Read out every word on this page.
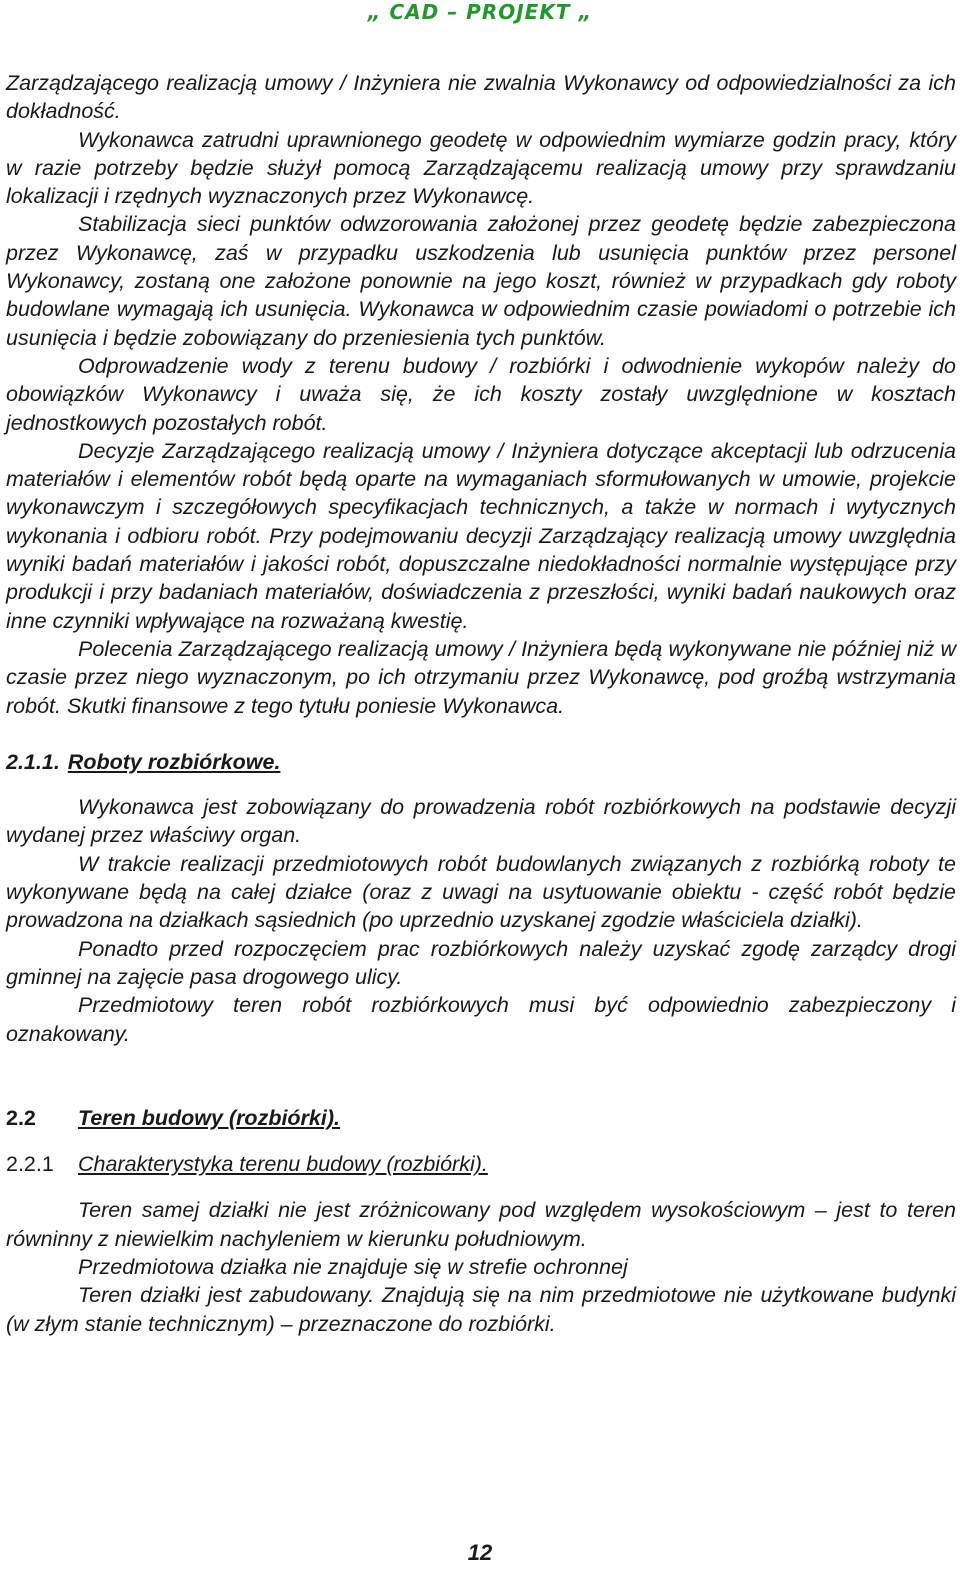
„ CAD – PROJEKT „

Zarządzającego realizacją umowy / Inżyniera nie zwalnia Wykonawcy od odpowiedzialności za ich dokładność.

Wykonawca zatrudni uprawnionego geodetę w odpowiednim wymiarze godzin pracy, który w razie potrzeby będzie służył pomocą Zarządzającemu realizacją umowy przy sprawdzaniu lokalizacji i rzędnych wyznaczonych przez Wykonawcę.

Stabilizacja sieci punktów odwzorowania założonej przez geodetę będzie zabezpieczona przez Wykonawcę, zaś w przypadku uszkodzenia lub usunięcia punktów przez personel Wykonawcy, zostaną one założone ponownie na jego koszt, również w przypadkach gdy roboty budowlane wymagają ich usunięcia. Wykonawca w odpowiednim czasie powiadomi o potrzebie ich usunięcia i będzie zobowiązany do przeniesienia tych punktów.

Odprowadzenie wody z terenu budowy / rozbiórki i odwodnienie wykopów należy do obowiązków Wykonawcy i uważa się, że ich koszty zostały uwzględnione w kosztach jednostkowych pozostałych robót.

Decyzje Zarządzającego realizacją umowy / Inżyniera dotyczące akceptacji lub odrzucenia materiałów i elementów robót będą oparte na wymaganiach sformułowanych w umowie, projekcie wykonawczym i szczegółowych specyfikacjach technicznych, a także w normach i wytycznych wykonania i odbioru robót. Przy podejmowaniu decyzji Zarządzający realizacją umowy uwzględnia wyniki badań materiałów i jakości robót, dopuszczalne niedokładności normalnie występujące przy produkcji i przy badaniach materiałów, doświadczenia z przeszłości, wyniki badań naukowych oraz inne czynniki wpływające na rozważaną kwestię.

Polecenia Zarządzającego realizacją umowy / Inżyniera będą wykonywane nie później niż w czasie przez niego wyznaczonym, po ich otrzymaniu przez Wykonawcę, pod groźbą wstrzymania robót. Skutki finansowe z tego tytułu poniesie Wykonawca.

2.1.1. Roboty rozbiórkowe.

Wykonawca jest zobowiązany do prowadzenia robót rozbiórkowych na podstawie decyzji wydanej przez właściwy organ.

W trakcie realizacji przedmiotowych robót budowlanych związanych z rozbiórką roboty te wykonywane będą na całej działce (oraz z uwagi na usytuowanie obiektu - część robót będzie prowadzona na działkach sąsiednich (po uprzednio uzyskanej zgodzie właściciela działki).

Ponadto przed rozpoczęciem prac rozbiórkowych należy uzyskać zgodę zarządcy drogi gminnej na zajęcie pasa drogowego ulicy.

Przedmiotowy teren robót rozbiórkowych musi być odpowiednio zabezpieczony i oznakowany.

2.2 Teren budowy (rozbiórki).

2.2.1 Charakterystyka terenu budowy (rozbiórki).

Teren samej działki nie jest zróżnicowany pod względem wysokościowym – jest to teren równinny z niewielkim nachyleniem w kierunku południowym.

Przedmiotowa działka nie znajduje się w strefie ochronnej

Teren działki jest zabudowany. Znajdują się na nim przedmiotowe nie użytkowane budynki (w złym stanie technicznym) – przeznaczone do rozbiórki.

12
